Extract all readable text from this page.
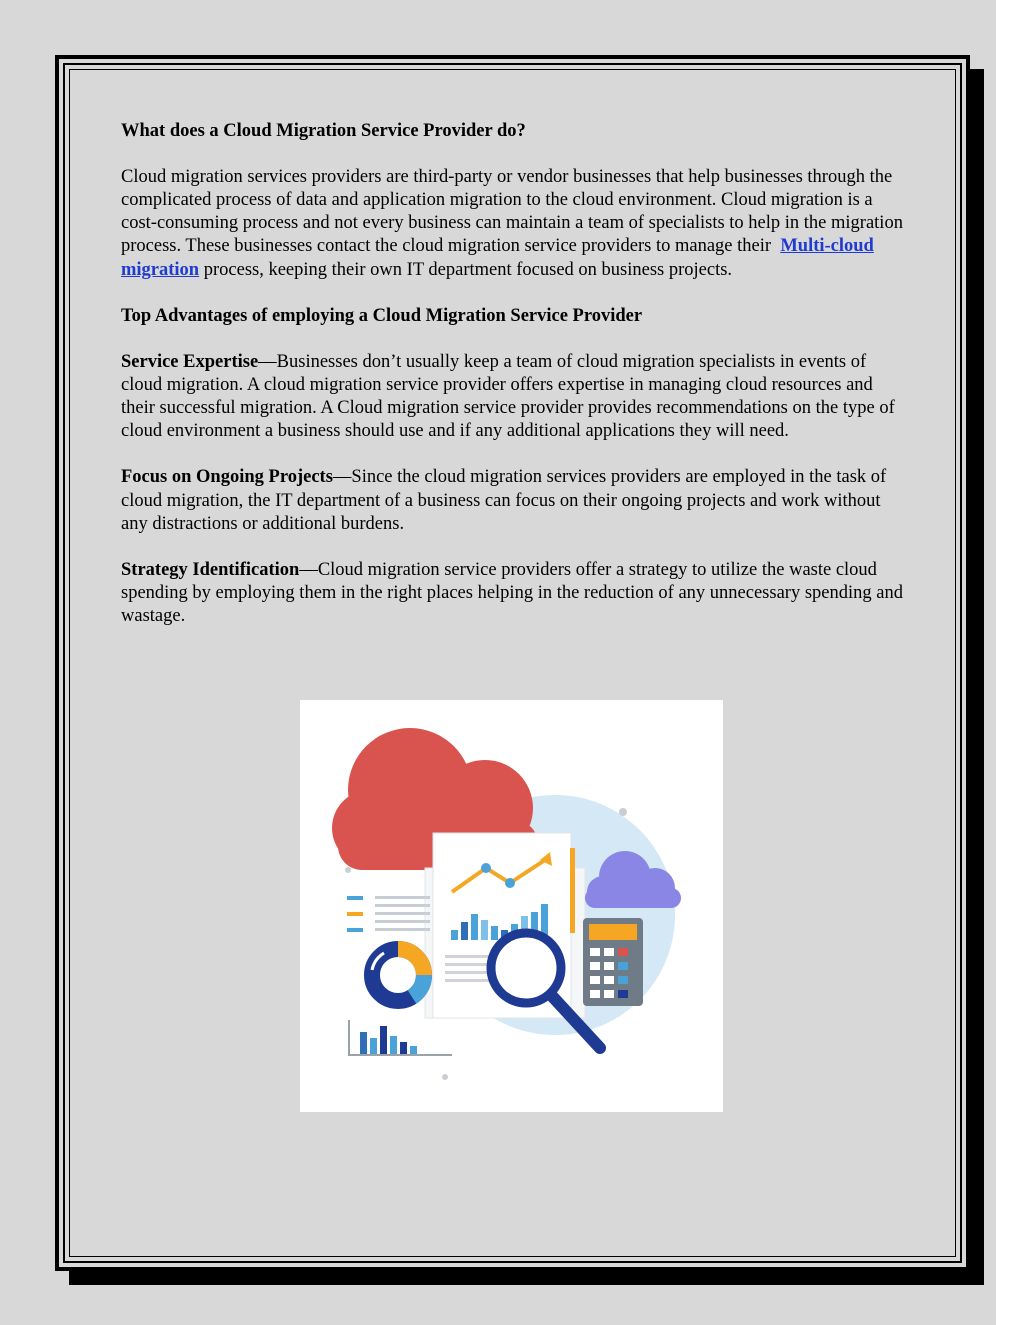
What does a Cloud Migration Service Provider do?

Cloud migration services providers are third-party or vendor businesses that help businesses through the complicated process of data and application migration to the cloud environment. Cloud migration is a cost-consuming process and not every business can maintain a team of specialists to help in the migration process. These businesses contact the cloud migration service providers to manage their Multi-cloud migration process, keeping their own IT department focused on business projects.

Top Advantages of employing a Cloud Migration Service Provider

Service Expertise—Businesses don’t usually keep a team of cloud migration specialists in events of cloud migration. A cloud migration service provider offers expertise in managing cloud resources and their successful migration. A Cloud migration service provider provides recommendations on the type of cloud environment a business should use and if any additional applications they will need.

Focus on Ongoing Projects—Since the cloud migration services providers are employed in the task of cloud migration, the IT department of a business can focus on their ongoing projects and work without any distractions or additional burdens.

Strategy Identification—Cloud migration service providers offer a strategy to utilize the waste cloud spending by employing them in the right places helping in the reduction of any unnecessary spending and wastage.
